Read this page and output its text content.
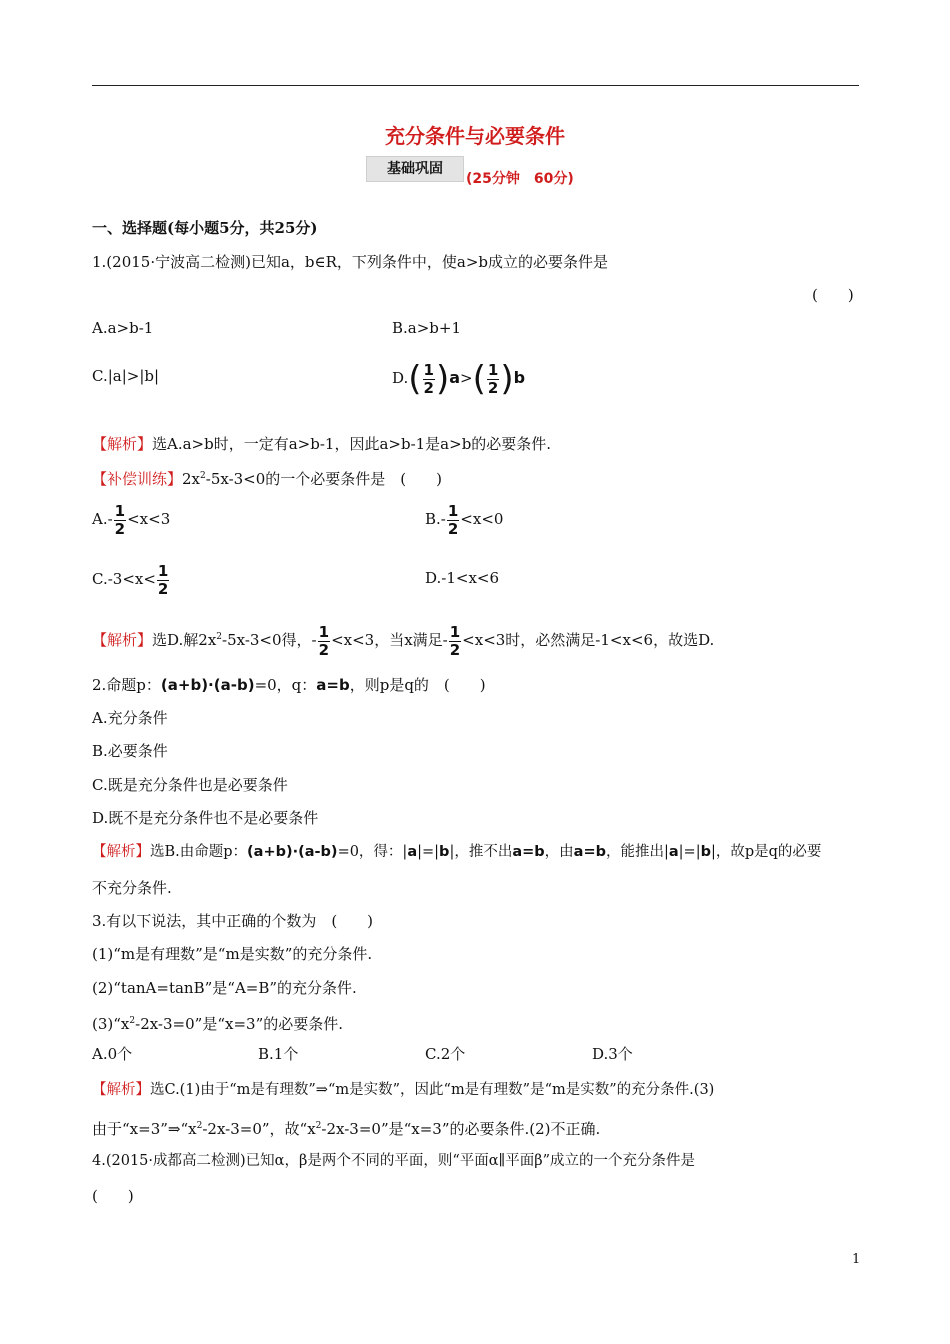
充分条件与必要条件
基础巩固
(25分钟　60分)
一、选择题(每小题5分，共25分)
1.(2015·宁波高二检测)已知a，b∈R，下列条件中，使a>b成立的必要条件是
(　　)
A.a>b-1	B.a>b+1
C.|a|>|b|	$D.( \frac{1}{2} )a>( \frac{1}{2} )b$
【解析】选A.a>b时，一定有a>b-1，因此a>b-1是a>b的必要条件.
【补偿训练】$2x^2-5x-3<0$的一个必要条件是　(　　)
$A.- \frac{1}{2} <x<3$	$B.- \frac{1}{2} <x<0$
$C.-3<x< \frac{1}{2}$	D.-1<x<6
【解析】选D.解$2x^2-5x-3<0$得，- $\frac{1}{2} <x<3$，当x满足- $\frac{1}{2} <x<3$时，必然满足-1<x<6，故选D.
2.命题p：(a+b)·(a-b)=0，q：a=b，则p是q的　(　　)
A.充分条件
B.必要条件
C.既是充分条件也是必要条件
D.既不是充分条件也不是必要条件
【解析】选B.由命题p：(a+b)·(a-b)=0，得：|a|=|b|，推不出a=b，由a=b，能推出|a|=|b|，故p是q的必要
不充分条件.
3.有以下说法，其中正确的个数为　(　　)
(1)“m是有理数”是“m是实数”的充分条件.
(2)“tanA=tanB”是“A=B”的充分条件.
$(3)“x^2-2x-3=0$”是“x=3”的必要条件.
A.0个	B.1个	C.2个	D.3个
【解析】选C.(1)由于“m是有理数”⇒“m是实数”，因此“m是有理数”是“m是实数”的充分条件.(3)
由于“$x=3”\Rightarrow“x^2-2x-3=0$”，故“$x^2-2x-3=0$”是“x=3”的必要条件.(2)不正确.
4.(2015·成都高二检测)已知α，β是两个不同的平面，则“平面α∥平面β”成立的一个充分条件是
(　　)
1
